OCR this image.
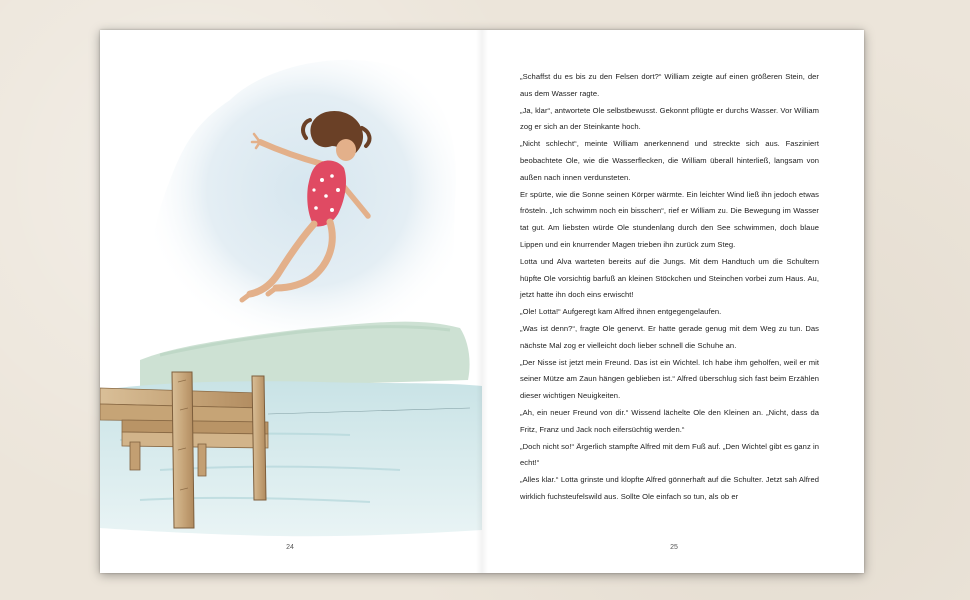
„Schaffst du es bis zu den Felsen dort?“ William zeigte auf einen größeren Stein, der aus dem Wasser ragte.

„Ja, klar“, antwortete Ole selbstbewusst. Gekonnt pflügte er durchs Wasser. Vor William zog er sich an der Steinkante hoch.

„Nicht schlecht“, meinte William anerkennend und streckte sich aus. Fasziniert beobachtete Ole, wie die Wasserflecken, die William überall hinterließ, langsam von außen nach innen verdunsteten.

Er spürte, wie die Sonne seinen Körper wärmte. Ein leichter Wind ließ ihn jedoch etwas frösteln. „Ich schwimm noch ein bisschen“, rief er William zu. Die Bewegung im Wasser tat gut. Am liebsten würde Ole stundenlang durch den See schwimmen, doch blaue Lippen und ein knurrender Magen trieben ihn zurück zum Steg.

Lotta und Alva warteten bereits auf die Jungs. Mit dem Handtuch um die Schultern hüpfte Ole vorsichtig barfuß an kleinen Stöckchen und Steinchen vorbei zum Haus. Au, jetzt hatte ihn doch eins erwischt!

„Ole! Lotta!“ Aufgeregt kam Alfred ihnen entgegengelaufen.

„Was ist denn?“, fragte Ole genervt. Er hatte gerade genug mit dem Weg zu tun. Das nächste Mal zog er vielleicht doch lieber schnell die Schuhe an.

„Der Nisse ist jetzt mein Freund. Das ist ein Wichtel. Ich habe ihm geholfen, weil er mit seiner Mütze am Zaun hängen geblieben ist.“ Alfred überschlug sich fast beim Erzählen dieser wichtigen Neuigkeiten.

„Ah, ein neuer Freund von dir.“ Wissend lächelte Ole den Kleinen an. „Nicht, dass da Fritz, Franz und Jack noch eifersüchtig werden.“

„Doch nicht so!“ Ärgerlich stampfte Alfred mit dem Fuß auf. „Den Wichtel gibt es ganz in echt!“

„Alles klar.“ Lotta grinste und klopfte Alfred gönnerhaft auf die Schulter. Jetzt sah Alfred wirklich fuchsteufelswild aus. Sollte Ole einfach so tun, als ob er

24	25
